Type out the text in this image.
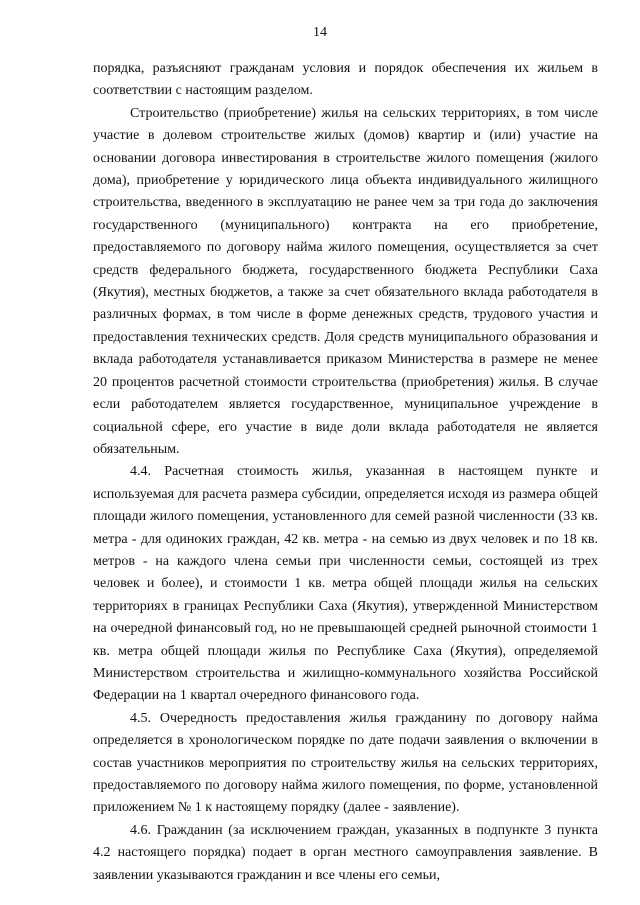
14

порядка, разъясняют гражданам условия и порядок обеспечения их жильем в соответствии с настоящим разделом.

Строительство (приобретение) жилья на сельских территориях, в том числе участие в долевом строительстве жилых (домов) квартир и (или) участие на основании договора инвестирования в строительстве жилого помещения (жилого дома), приобретение у юридического лица объекта индивидуального жилищного строительства, введенного в эксплуатацию не ранее чем за три года до заключения государственного (муниципального) контракта на его приобретение, предоставляемого по договору найма жилого помещения, осуществляется за счет средств федерального бюджета, государственного бюджета Республики Саха (Якутия), местных бюджетов, а также за счет обязательного вклада работодателя в различных формах, в том числе в форме денежных средств, трудового участия и предоставления технических средств. Доля средств муниципального образования и вклада работодателя устанавливается приказом Министерства в размере не менее 20 процентов расчетной стоимости строительства (приобретения) жилья. В случае если работодателем является государственное, муниципальное учреждение в социальной сфере, его участие в виде доли вклада работодателя не является обязательным.

4.4. Расчетная стоимость жилья, указанная в настоящем пункте и используемая для расчета размера субсидии, определяется исходя из размера общей площади жилого помещения, установленного для семей разной численности (33 кв. метра - для одиноких граждан, 42 кв. метра - на семью из двух человек и по 18 кв. метров - на каждого члена семьи при численности семьи, состоящей из трех человек и более), и стоимости 1 кв. метра общей площади жилья на сельских территориях в границах Республики Саха (Якутия), утвержденной Министерством на очередной финансовый год, но не превышающей средней рыночной стоимости 1 кв. метра общей площади жилья по Республике Саха (Якутия), определяемой Министерством строительства и жилищно-коммунального хозяйства Российской Федерации на 1 квартал очередного финансового года.

4.5. Очередность предоставления жилья гражданину по договору найма определяется в хронологическом порядке по дате подачи заявления о включении в состав участников мероприятия по строительству жилья на сельских территориях, предоставляемого по договору найма жилого помещения, по форме, установленной приложением № 1 к настоящему порядку (далее - заявление).

4.6. Гражданин (за исключением граждан, указанных в подпункте 3 пункта 4.2 настоящего порядка) подает в орган местного самоуправления заявление. В заявлении указываются гражданин и все члены его семьи,
